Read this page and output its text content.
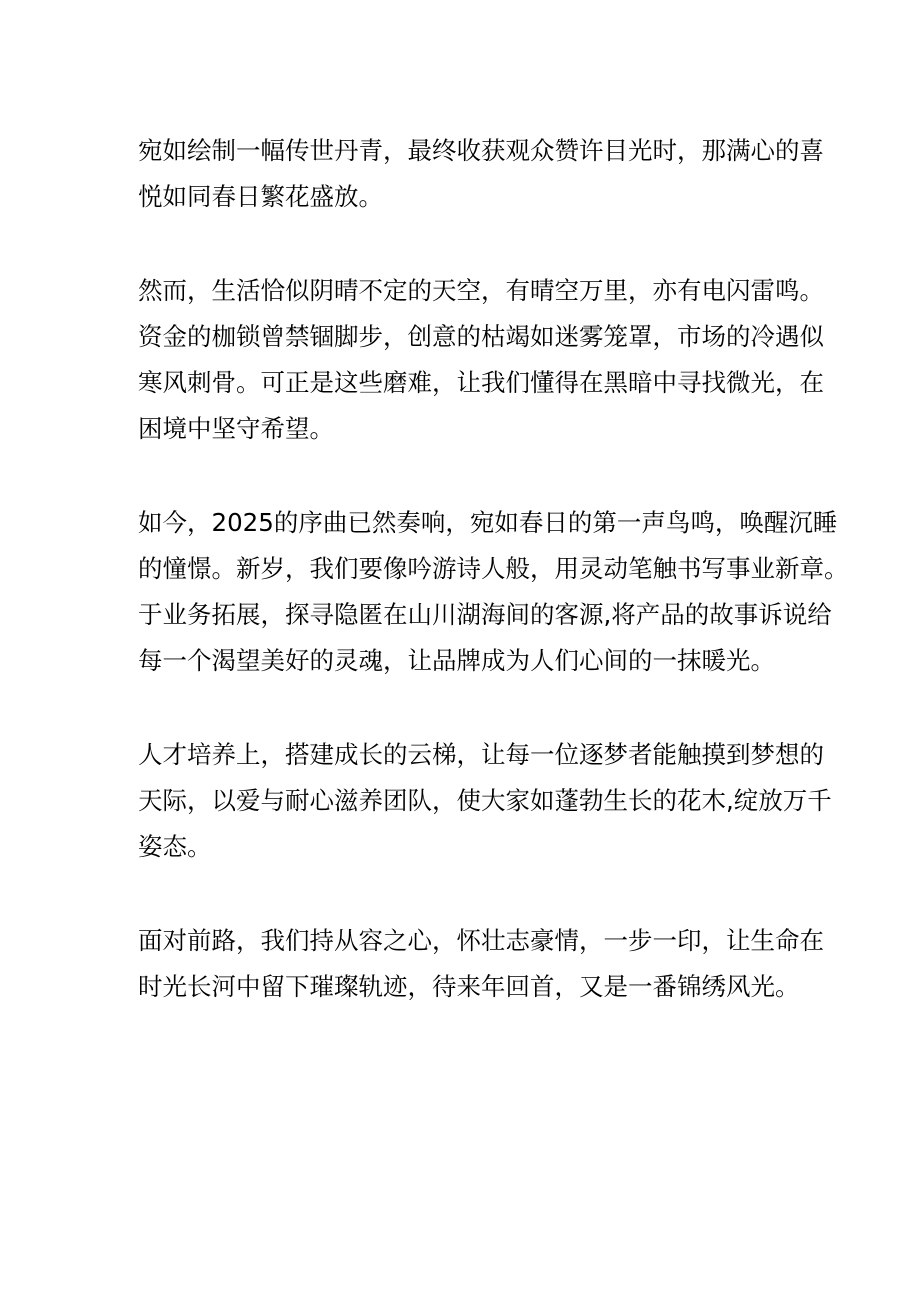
宛如绘制一幅传世丹青，最终收获观众赞许目光时，那满心的喜
悦如同春日繁花盛放。
然而，生活恰似阴晴不定的天空，有晴空万里，亦有电闪雷鸣。
资金的枷锁曾禁锢脚步，创意的枯竭如迷雾笼罩，市场的冷遇似
寒风刺骨。可正是这些磨难，让我们懂得在黑暗中寻找微光，在
困境中坚守希望。
如今，2025的序曲已然奏响，宛如春日的第一声鸟鸣，唤醒沉睡
的憧憬。新岁，我们要像吟游诗人般，用灵动笔触书写事业新章。
于业务拓展，探寻隐匿在山川湖海间的客源,将产品的故事诉说给
每一个渴望美好的灵魂，让品牌成为人们心间的一抹暖光。
人才培养上，搭建成长的云梯，让每一位逐梦者能触摸到梦想的
天际，以爱与耐心滋养团队，使大家如蓬勃生长的花木,绽放万千
姿态。
面对前路，我们持从容之心，怀壮志豪情，一步一印，让生命在
时光长河中留下璀璨轨迹，待来年回首，又是一番锦绣风光。
